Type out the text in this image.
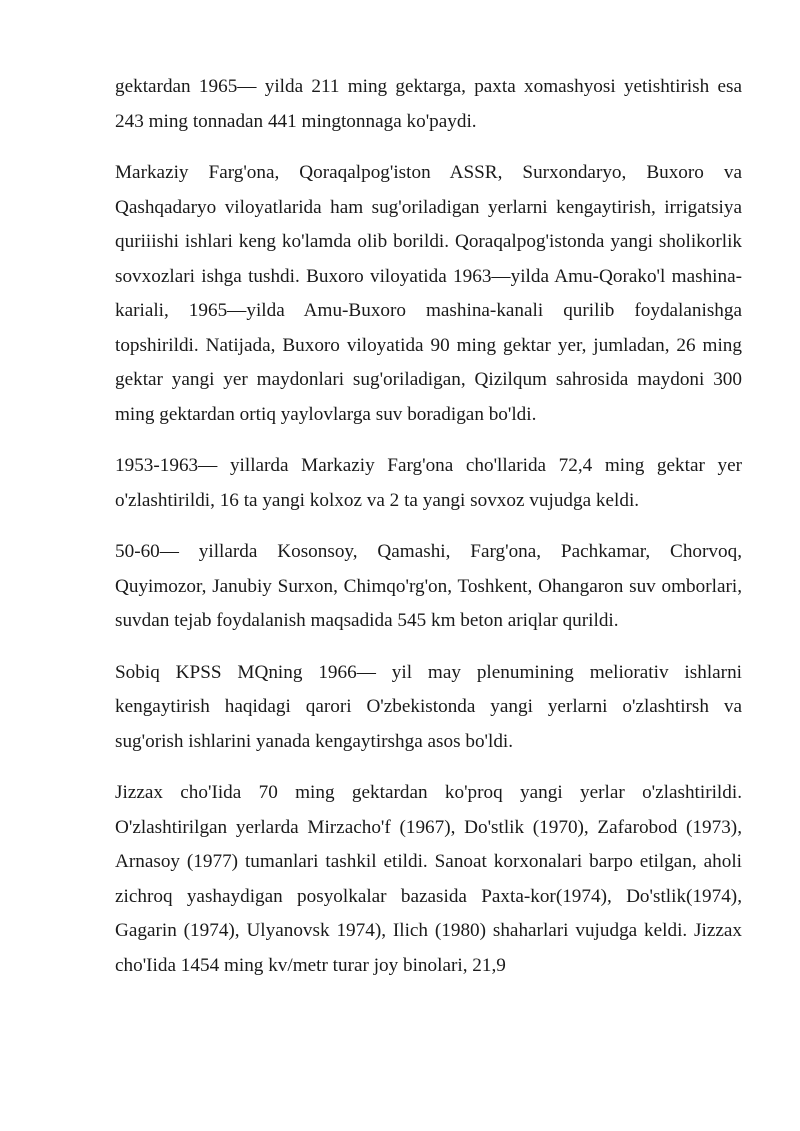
gektardan 1965— yilda 211 ming gektarga, paxta xomashyosi yetishtirish esa 243 ming tonnadan 441 mingtonnaga ko'paydi.

Markaziy Farg'ona, Qoraqalpog'iston ASSR, Surxondaryo, Buxoro va Qashqadaryo viloyatlarida ham sug'oriladigan yerlarni kengaytirish, irrigatsiya quriiishi ishlari keng ko'lamda olib borildi. Qoraqalpog'istonda yangi sholikorlik sovxozlari ishga tushdi. Buxoro viloyatida 1963—yilda Amu-Qorako'l mashina-kariali, 1965—yilda Amu-Buxoro mashina-kanali qurilib foydalanishga topshirildi. Natijada, Buxoro viloyatida 90 ming gektar yer, jumladan, 26 ming gektar yangi yer maydonlari sug'oriladigan, Qizilqum sahrosida maydoni 300 ming gektardan ortiq yaylovlarga suv boradigan bo'ldi.

1953-1963— yillarda Markaziy Farg'ona cho'llarida 72,4 ming gektar yer o'zlashtirildi, 16 ta yangi kolxoz va 2 ta yangi sovxoz vujudga keldi.

50-60— yillarda Kosonsoy, Qamashi, Farg'ona, Pachkamar, Chorvoq, Quyimozor, Janubiy Surxon, Chimqo'rg'on, Toshkent, Ohangaron suv omborlari, suvdan tejab foydalanish maqsadida 545 km beton ariqlar qurildi.

Sobiq KPSS MQning 1966— yil may plenumining meliorativ ishlarni kengaytirish haqidagi qarori O'zbekistonda yangi yerlarni o'zlashtirsh va sug'orish ishlarini yanada kengaytirshga asos bo'ldi.

Jizzax cho'Iida 70 ming gektardan ko'proq yangi yerlar o'zlashtirildi. O'zlashtirilgan yerlarda Mirzacho'f (1967), Do'stlik (1970), Zafarobod (1973), Arnasoy (1977) tumanlari tashkil etildi. Sanoat korxonalari barpo etilgan, aholi zichroq yashaydigan posyolkalar bazasida Paxta-kor(1974), Do'stlik(1974), Gagarin (1974), Ulyanovsk 1974), Ilich (1980) shaharlari vujudga keldi. Jizzax cho'Iida 1454 ming kv/metr turar joy binolari, 21,9
